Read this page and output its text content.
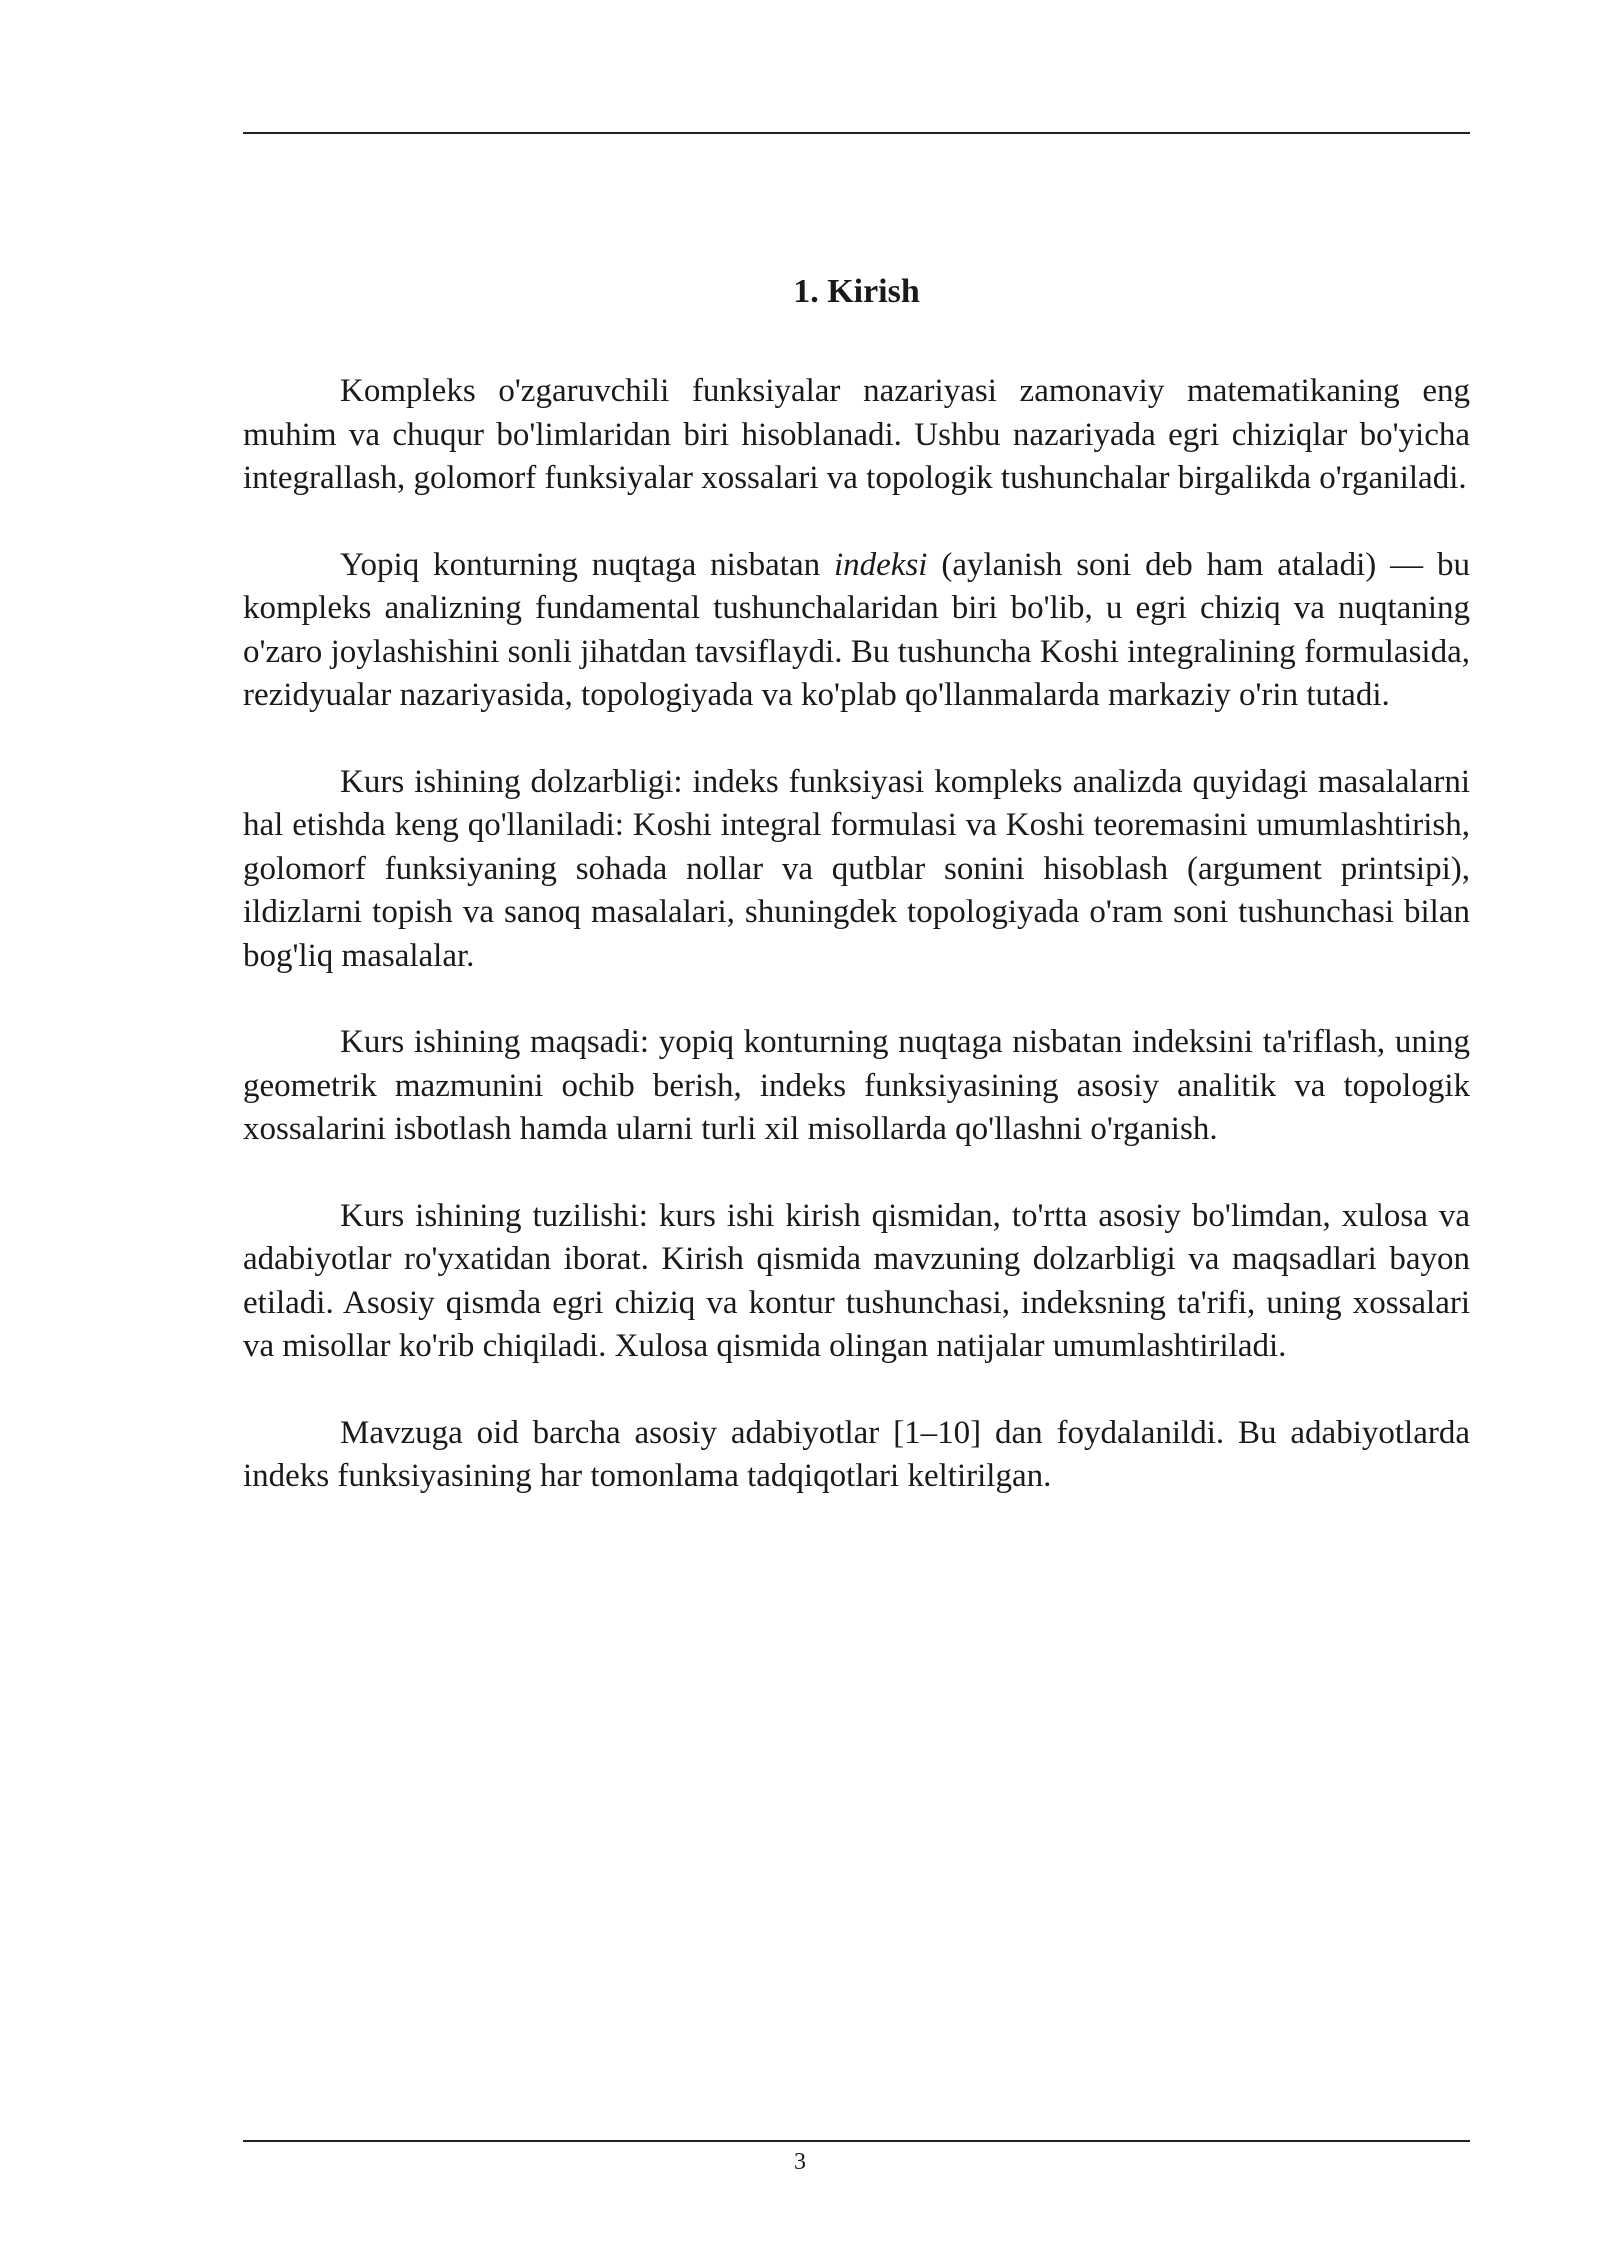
1. Kirish

Kompleks o'zgaruvchili funksiyalar nazariyasi zamonaviy matematikaning eng muhim va chuqur bo'limlaridan biri hisoblanadi. Ushbu nazariyada egri chiziqlar bo'yicha integrallash, golomorf funksiyalar xossalari va topologik tushunchalar birgalikda o'rganiladi.

Yopiq konturning nuqtaga nisbatan indeksi (aylanish soni deb ham ataladi) — bu kompleks analizning fundamental tushunchalaridan biri bo'lib, u egri chiziq va nuqtaning o'zaro joylashishini sonli jihatdan tavsiflaydi. Bu tushuncha Koshi integralining formulasida, rezidyualar nazariyasida, topologiyada va ko'plab qo'llanmalarda markaziy o'rin tutadi.

Kurs ishining dolzarbligi: indeks funksiyasi kompleks analizda quyidagi masalalarni hal etishda keng qo'llaniladi: Koshi integral formulasi va Koshi teoremasini umumlashtirish, golomorf funksiyaning sohada nollar va qutblar sonini hisoblash (argument printsipi), ildizlarni topish va sanoq masalalari, shuningdek topologiyada o'ram soni tushunchasi bilan bog'liq masalalar.

Kurs ishining maqsadi: yopiq konturning nuqtaga nisbatan indeksini ta'riflash, uning geometrik mazmunini ochib berish, indeks funksiyasining asosiy analitik va topologik xossalarini isbotlash hamda ularni turli xil misollarda qo'llashni o'rganish.

Kurs ishining tuzilishi: kurs ishi kirish qismidan, to'rtta asosiy bo'limdan, xulosa va adabiyotlar ro'yxatidan iborat. Kirish qismida mavzuning dolzarbligi va maqsadlari bayon etiladi. Asosiy qismda egri chiziq va kontur tushunchasi, indeksning ta'rifi, uning xossalari va misollar ko'rib chiqiladi. Xulosa qismida olingan natijalar umumlashtiriladi.

Mavzuga oid barcha asosiy adabiyotlar [1–10] dan foydalanildi. Bu adabiyotlarda indeks funksiyasining har tomonlama tadqiqotlari keltirilgan.

3
